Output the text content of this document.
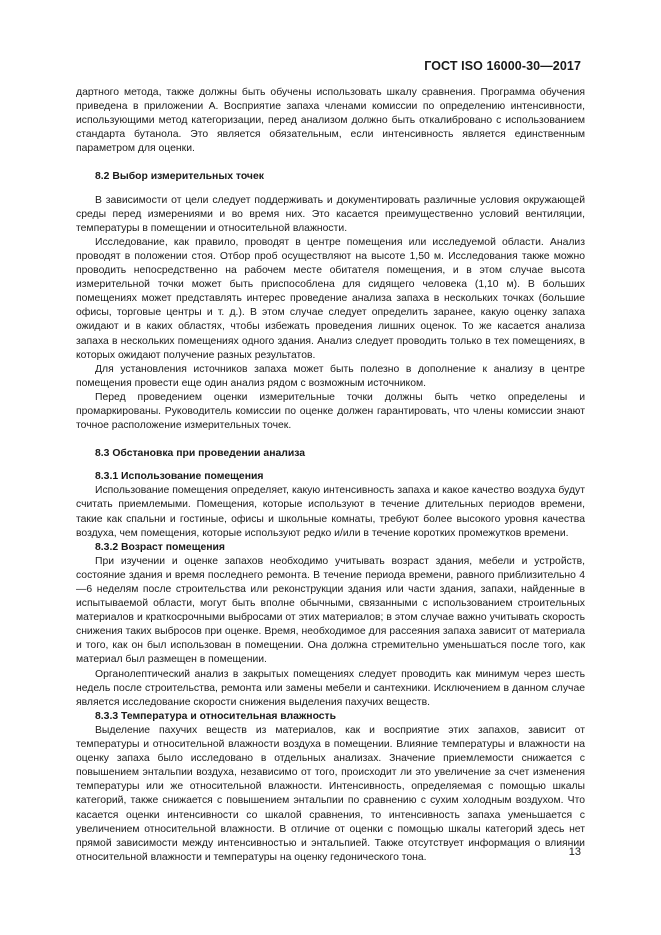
ГОСТ ISO 16000-30—2017

дартного метода, также должны быть обучены использовать шкалу сравнения. Программа обучения приведена в приложении А. Восприятие запаха членами комиссии по определению интенсивности, использующими метод категоризации, перед анализом должно быть откалибровано с использованием стандарта бутанола. Это является обязательным, если интенсивность является единственным параметром для оценки.

8.2 Выбор измерительных точек

В зависимости от цели следует поддерживать и документировать различные условия окружающей среды перед измерениями и во время них. Это касается преимущественно условий вентиляции, температуры в помещении и относительной влажности.

Исследование, как правило, проводят в центре помещения или исследуемой области. Анализ проводят в положении стоя. Отбор проб осуществляют на высоте 1,50 м. Исследования также можно проводить непосредственно на рабочем месте обитателя помещения, и в этом случае высота измерительной точки может быть приспособлена для сидящего человека (1,10 м). В больших помещениях может представлять интерес проведение анализа запаха в нескольких точках (большие офисы, торговые центры и т. д.). В этом случае следует определить заранее, какую оценку запаха ожидают и в каких областях, чтобы избежать проведения лишних оценок. То же касается анализа запаха в нескольких помещениях одного здания. Анализ следует проводить только в тех помещениях, в которых ожидают получение разных результатов.

Для установления источников запаха может быть полезно в дополнение к анализу в центре помещения провести еще один анализ рядом с возможным источником.

Перед проведением оценки измерительные точки должны быть четко определены и промаркированы. Руководитель комиссии по оценке должен гарантировать, что члены комиссии знают точное расположение измерительных точек.

8.3 Обстановка при проведении анализа
8.3.1 Использование помещения

Использование помещения определяет, какую интенсивность запаха и какое качество воздуха будут считать приемлемыми. Помещения, которые используют в течение длительных периодов времени, такие как спальни и гостиные, офисы и школьные комнаты, требуют более высокого уровня качества воздуха, чем помещения, которые используют редко и/или в течение коротких промежутков времени.

8.3.2 Возраст помещения

При изучении и оценке запахов необходимо учитывать возраст здания, мебели и устройств, состояние здания и время последнего ремонта. В течение периода времени, равного приблизительно 4—6 неделям после строительства или реконструкции здания или части здания, запахи, найденные в испытываемой области, могут быть вполне обычными, связанными с использованием строительных материалов и краткосрочными выбросами от этих материалов; в этом случае важно учитывать скорость снижения таких выбросов при оценке. Время, необходимое для рассеяния запаха зависит от материала и того, как он был использован в помещении. Она должна стремительно уменьшаться после того, как материал был размещен в помещении.

Органолептический анализ в закрытых помещениях следует проводить как минимум через шесть недель после строительства, ремонта или замены мебели и сантехники. Исключением в данном случае является исследование скорости снижения выделения пахучих веществ.

8.3.3 Температура и относительная влажность

Выделение пахучих веществ из материалов, как и восприятие этих запахов, зависит от температуры и относительной влажности воздуха в помещении. Влияние температуры и влажности на оценку запаха было исследовано в отдельных анализах. Значение приемлемости снижается с повышением энтальпии воздуха, независимо от того, происходит ли это увеличение за счет изменения температуры или же относительной влажности. Интенсивность, определяемая с помощью шкалы категорий, также снижается с повышением энтальпии по сравнению с сухим холодным воздухом. Что касается оценки интенсивности со шкалой сравнения, то интенсивность запаха уменьшается с увеличением относительной влажности. В отличие от оценки с помощью шкалы категорий здесь нет прямой зависимости между интенсивностью и энтальпией. Также отсутствует информация о влиянии относительной влажности и температуры на оценку гедонического тона.	13
